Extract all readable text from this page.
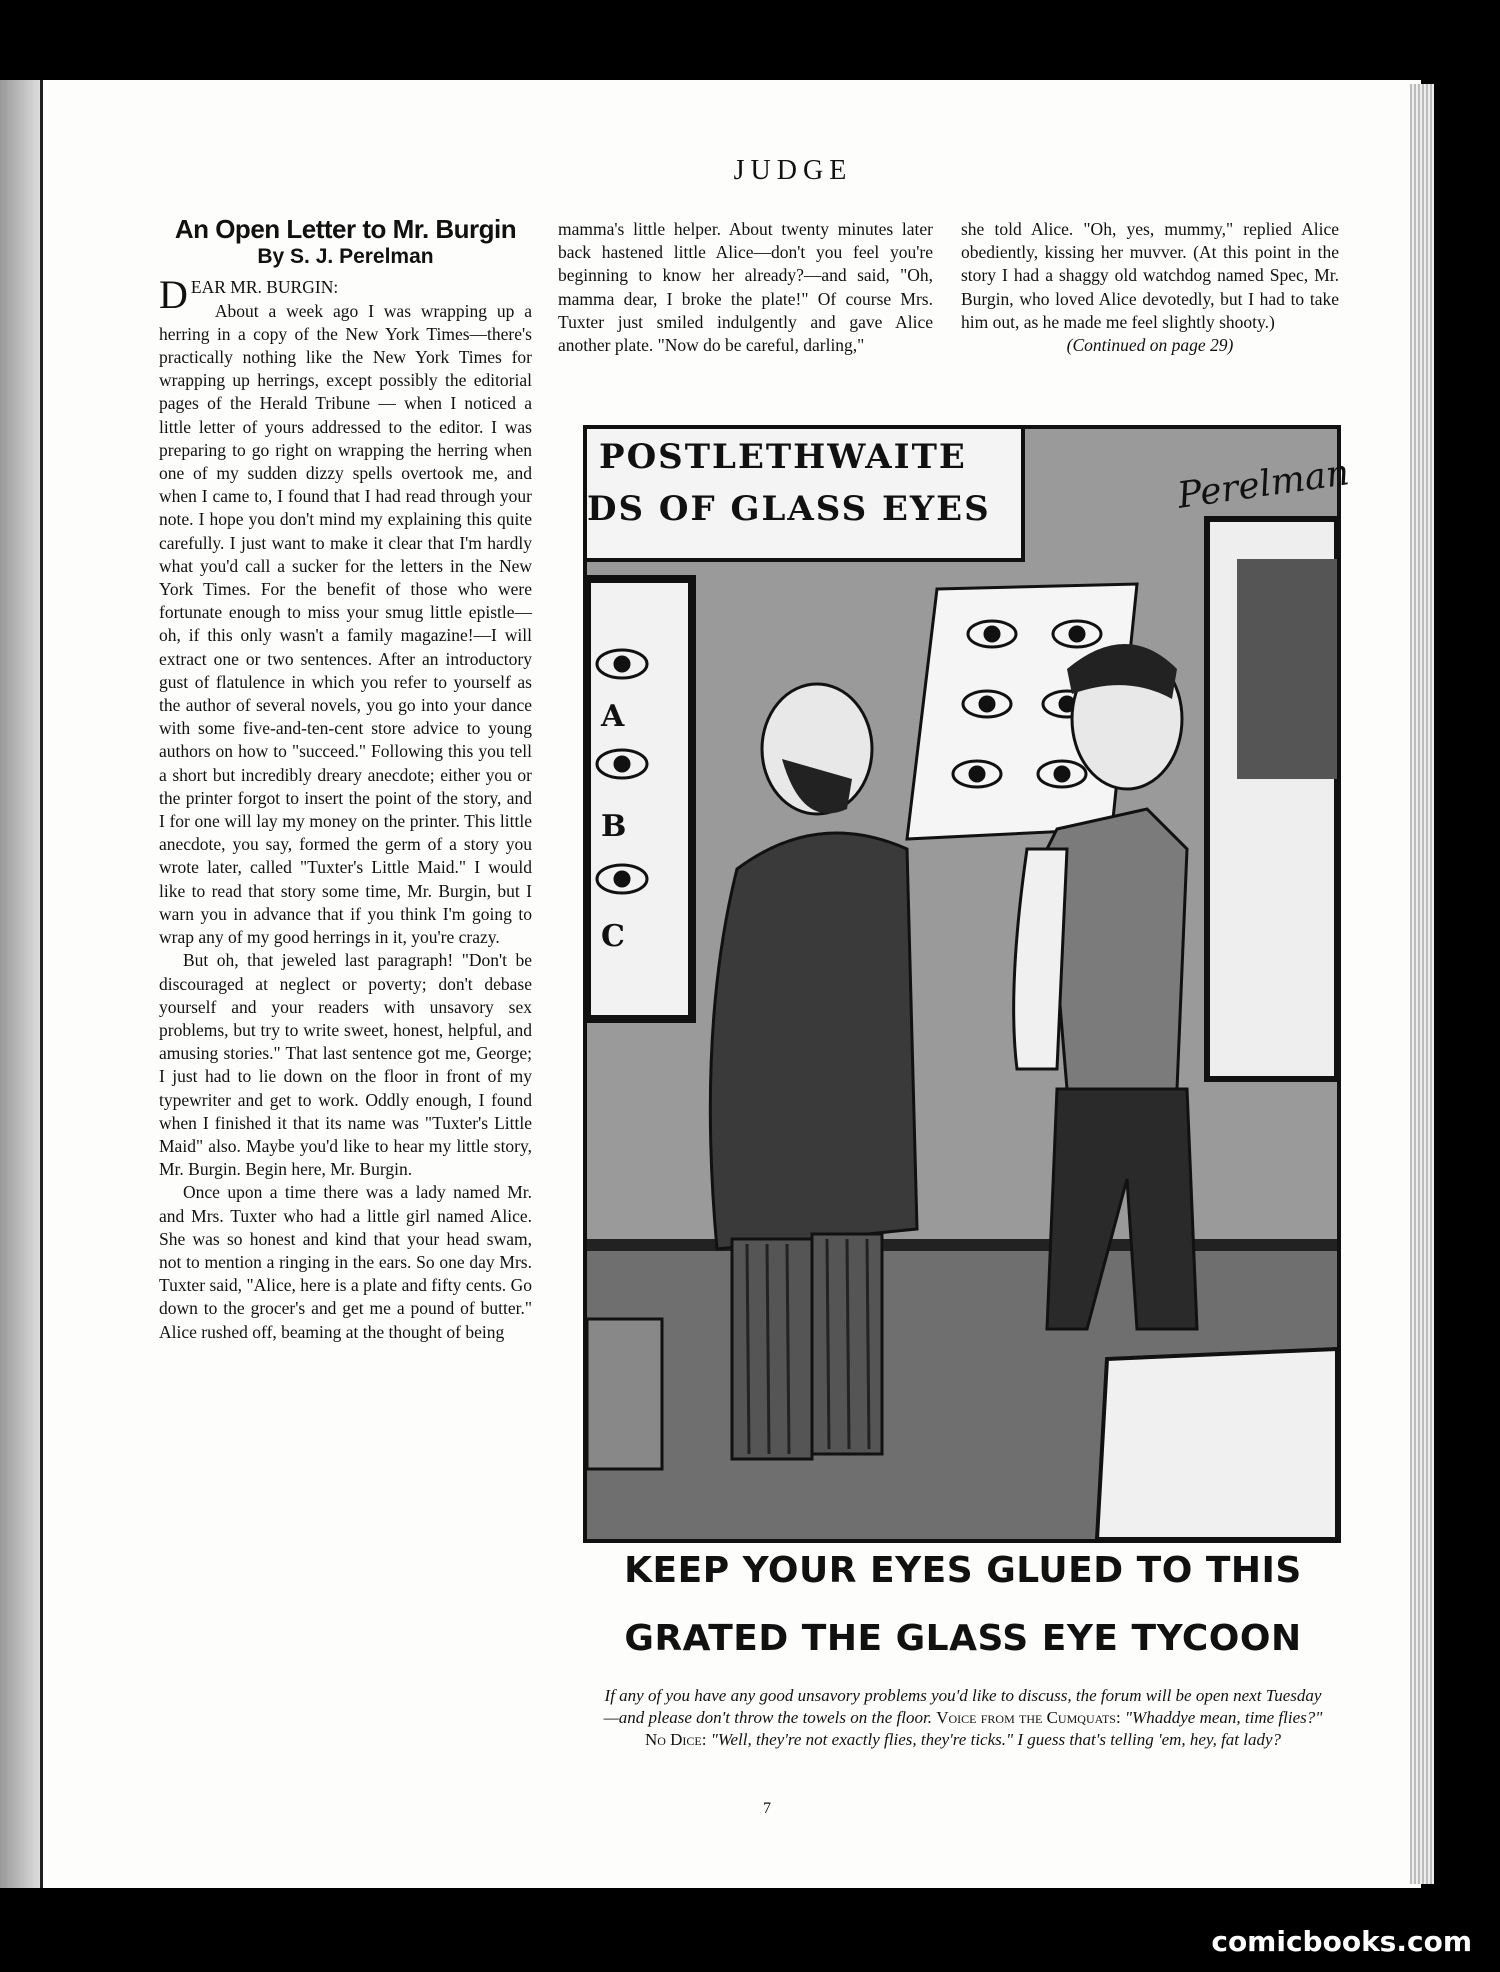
JUDGE
An Open Letter to Mr. Burgin
By S. J. Perelman
DEAR MR. BURGIN:

About a week ago I was wrapping up a herring in a copy of the New York Times—there's practically nothing like the New York Times for wrapping up herrings, except possibly the editorial pages of the Herald Tribune — when I noticed a little letter of yours addressed to the editor. I was preparing to go right on wrapping the herring when one of my sudden dizzy spells overtook me, and when I came to, I found that I had read through your note. I hope you don't mind my explaining this quite carefully. I just want to make it clear that I'm hardly what you'd call a sucker for the letters in the New York Times. For the benefit of those who were fortunate enough to miss your smug little epistle—oh, if this only wasn't a family magazine!—I will extract one or two sentences. After an introductory gust of flatulence in which you refer to yourself as the author of several novels, you go into your dance with some five-and-ten-cent store advice to young authors on how to "succeed." Following this you tell a short but incredibly dreary anecdote; either you or the printer forgot to insert the point of the story, and I for one will lay my money on the printer. This little anecdote, you say, formed the germ of a story you wrote later, called "Tuxter's Little Maid." I would like to read that story some time, Mr. Burgin, but I warn you in advance that if you think I'm going to wrap any of my good herrings in it, you're crazy.

But oh, that jeweled last paragraph! "Don't be discouraged at neglect or poverty; don't debase yourself and your readers with unsavory sex problems, but try to write sweet, honest, helpful, and amusing stories." That last sentence got me, George; I just had to lie down on the floor in front of my typewriter and get to work. Oddly enough, I found when I finished it that its name was "Tuxter's Little Maid" also. Maybe you'd like to hear my little story, Mr. Burgin. Begin here, Mr. Burgin.

Once upon a time there was a lady named Mr. and Mrs. Tuxter who had a little girl named Alice. She was so honest and kind that your head swam, not to mention a ringing in the ears. So one day Mrs. Tuxter said, "Alice, here is a plate and fifty cents. Go down to the grocer's and get me a pound of butter." Alice rushed off, beaming at the thought of being

mamma's little helper. About twenty minutes later back hastened little Alice—don't you feel you're beginning to know her already?—and said, "Oh, mamma dear, I broke the plate!" Of course Mrs. Tuxter just smiled indulgently and gave Alice another plate. "Now do be careful, darling,"

she told Alice. "Oh, yes, mummy," replied Alice obediently, kissing her muvver. (At this point in the story I had a shaggy old watchdog named Spec, Mr. Burgin, who loved Alice devotedly, but I had to take him out, as he made me feel slightly shooty.)

(Continued on page 29)

POSTLETHWAITE
DS OF GLASS EYES
A
B
C
Perelman
KEEP YOUR EYES GLUED TO THIS
GRATED THE GLASS EYE TYCOON
If any of you have any good unsavory problems you'd like to discuss, the forum will be open next Tuesday—and please don't throw the towels on the floor. Voice from the Cumquats: "Whaddye mean, time flies?" No Dice: "Well, they're not exactly flies, they're ticks." I guess that's telling 'em, hey, fat lady?
7
comicbooks.com
